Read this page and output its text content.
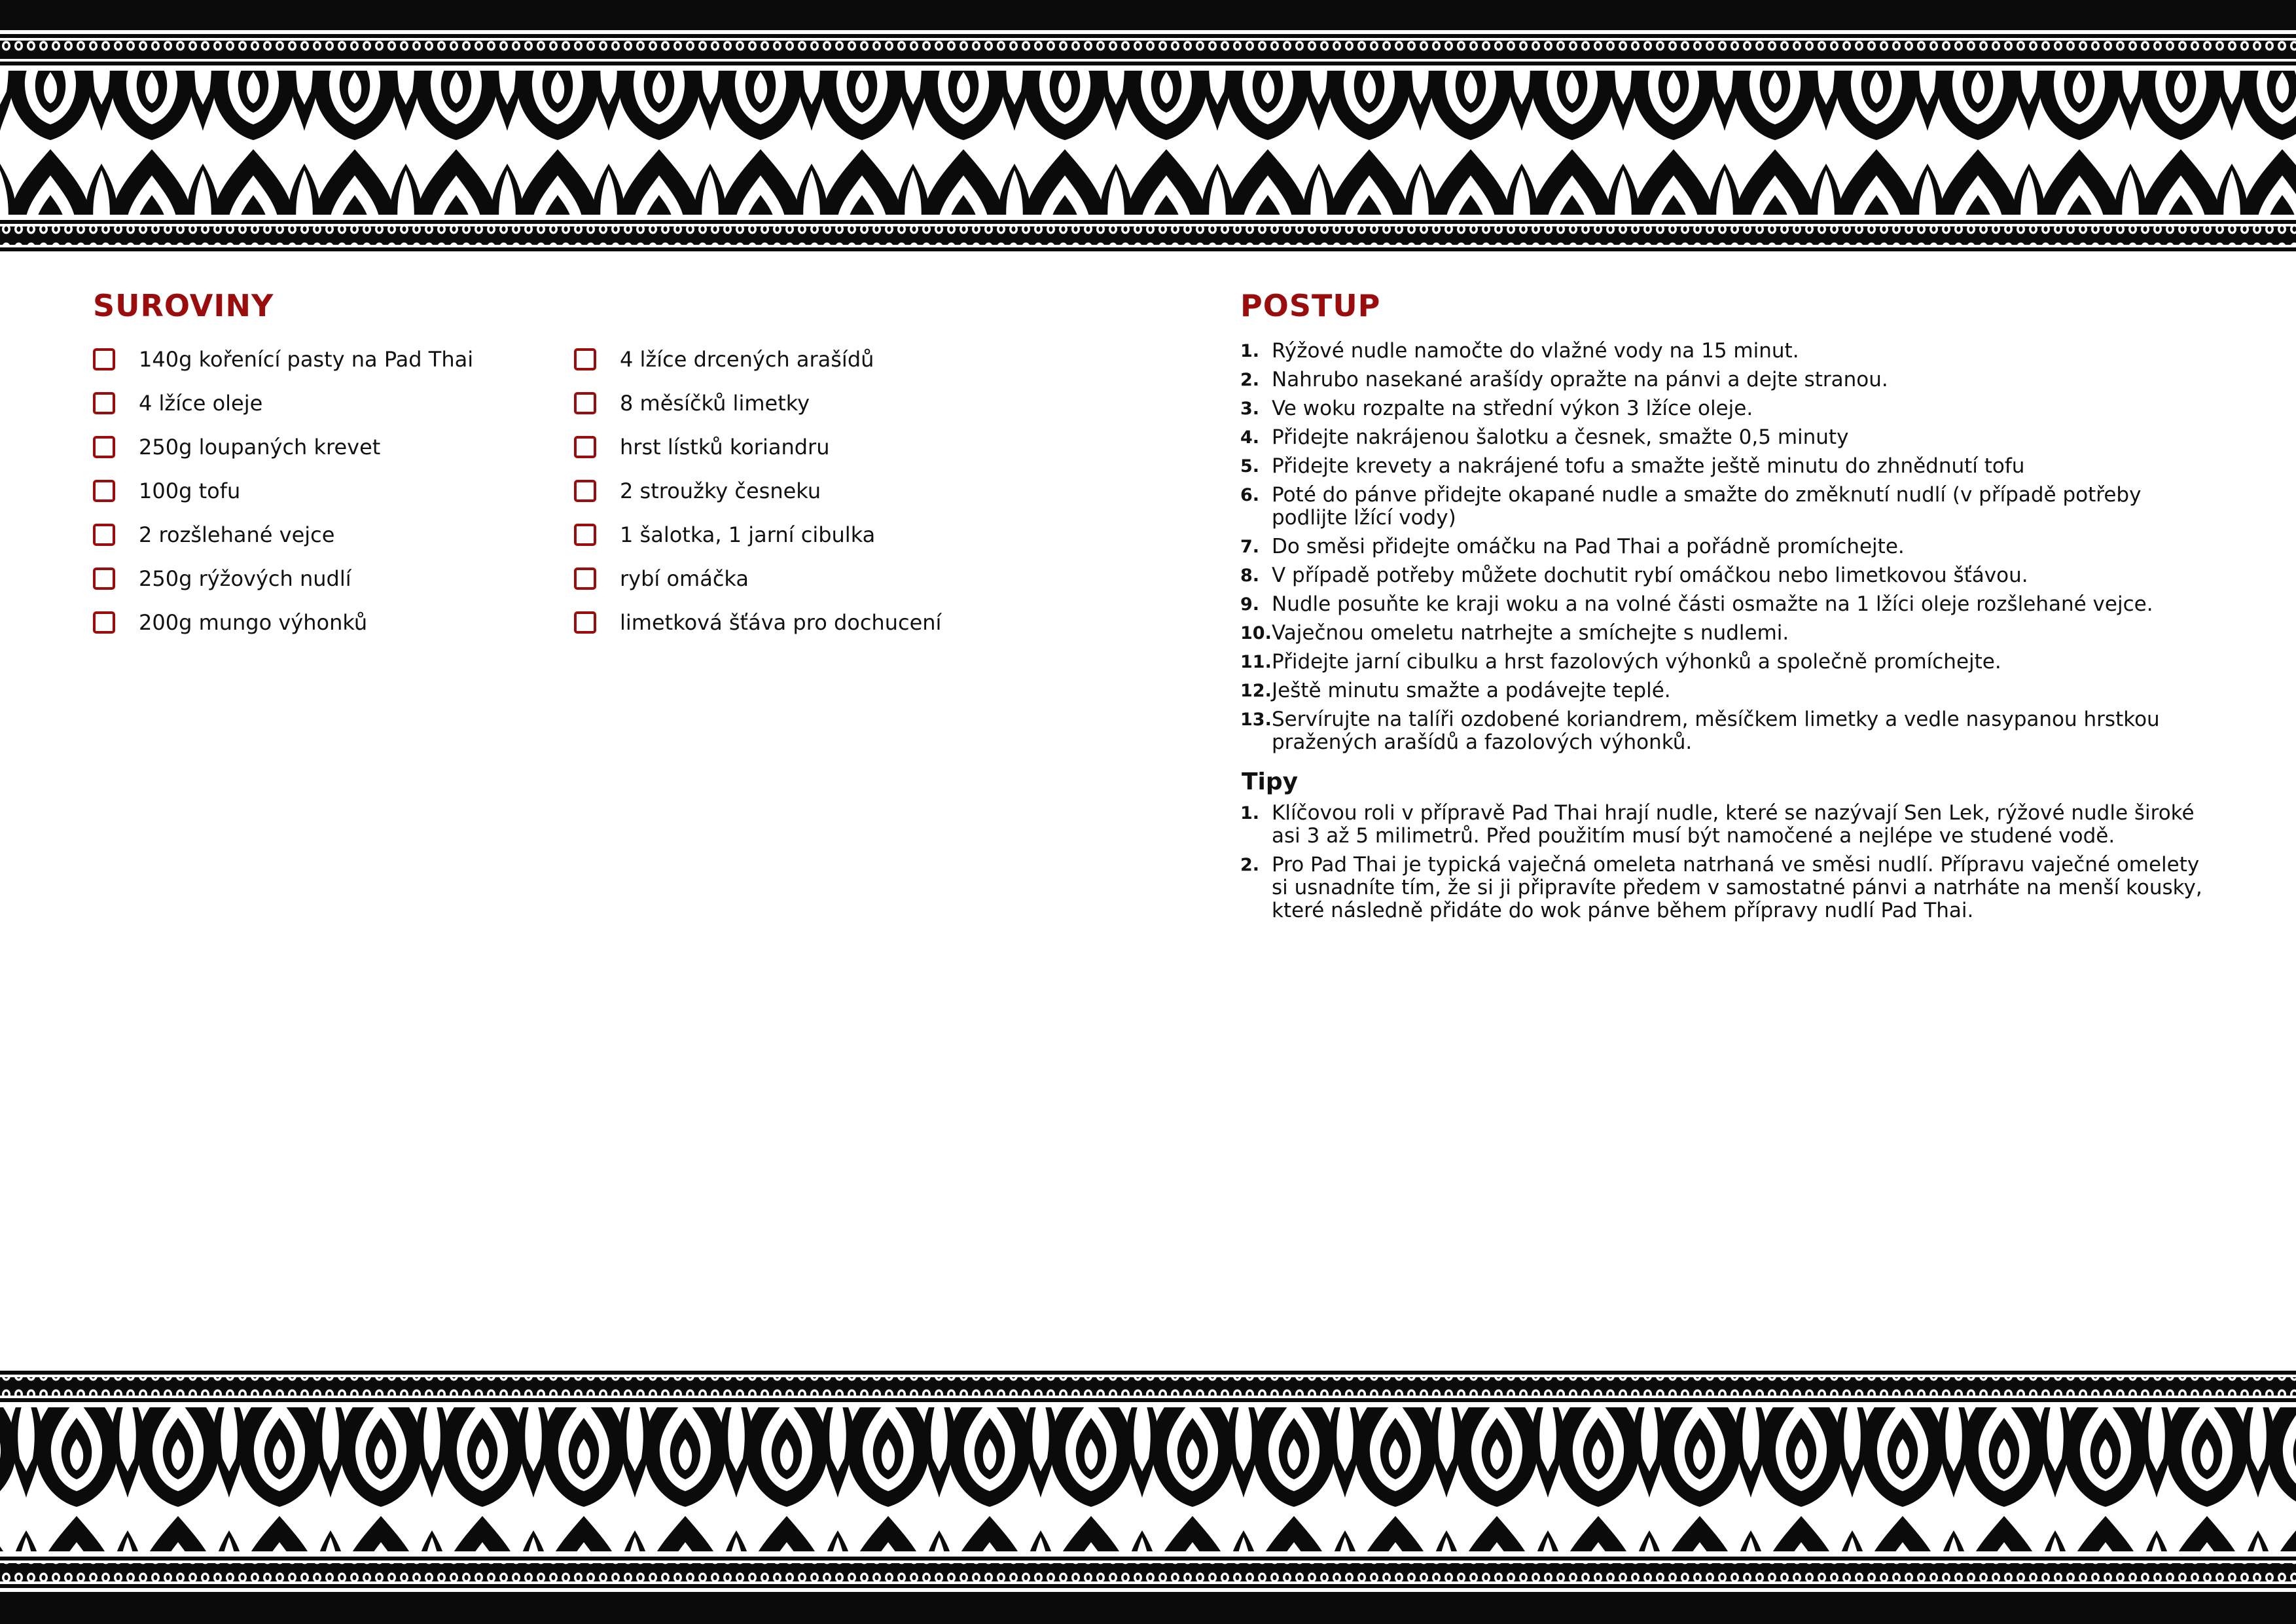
SUROVINY
140g kořenící pasty na Pad Thai
4 lžíce oleje
250g loupaných krevet
100g tofu
2 rozšlehané vejce
250g rýžových nudlí
200g mungo výhonků
4 lžíce drcených arašídů
8 měsíčků limetky
hrst lístků koriandru
2 stroužky česneku
1 šalotka, 1 jarní cibulka
rybí omáčka
limetková šťáva pro dochucení
POSTUP
1. Rýžové nudle namočte do vlažné vody na 15 minut.
2. Nahrubo nasekané arašídy opražte na pánvi a dejte stranou.
3. Ve woku rozpalte na střední výkon 3 lžíce oleje.
4. Přidejte nakrájenou šalotku a česnek, smažte 0,5 minuty
5. Přidejte krevety a nakrájené tofu a smažte ještě minutu do zhnědnutí tofu
6. Poté do pánve přidejte okapané nudle a smažte do změknutí nudlí (v případě potřeby podlijte lžící vody)
7. Do směsi přidejte omáčku na Pad Thai a pořádně promíchejte.
8. V případě potřeby můžete dochutit rybí omáčkou nebo limetkovou šťávou.
9. Nudle posuňte ke kraji woku a na volné části osmažte na 1 lžíci oleje rozšlehané vejce.
10. Vaječnou omeletu natrhejte a smíchejte s nudlemi.
11. Přidejte jarní cibulku a hrst fazolových výhonků a společně promíchejte.
12. Ještě minutu smažte a podávejte teplé.
13. Servírujte na talíři ozdobené koriandrem, měsíčkem limetky a vedle nasypanou hrstkou pražených arašídů a fazolových výhonků.
Tipy
1. Klíčovou roli v přípravě Pad Thai hrají nudle, které se nazývají Sen Lek, rýžové nudle široké asi 3 až 5 milimetrů. Před použitím musí být namočené a nejlépe ve studené vodě.
2. Pro Pad Thai je typická vaječná omeleta natrhaná ve směsi nudlí. Přípravu vaječné omelety si usnadníte tím, že si ji připravíte předem v samostatné pánvi a natrháte na menší kousky, které následně přidáte do wok pánve během přípravy nudlí Pad Thai.
